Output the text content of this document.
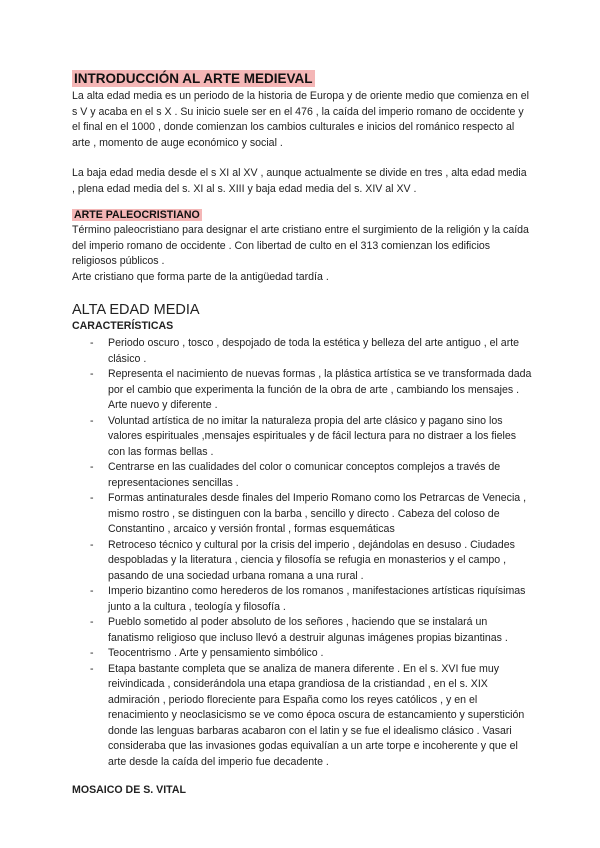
INTRODUCCIÓN AL ARTE MEDIEVAL

La alta edad media es un periodo de la historia de Europa y de oriente medio que comienza en el s V y acaba en el s X . Su inicio suele ser en el 476 , la caída del imperio romano de occidente y el final en el 1000 , donde comienzan los cambios culturales e inicios del románico respecto al arte , momento de auge económico y social .

La baja edad media desde el s XI al XV , aunque actualmente se divide en tres , alta edad media , plena edad media del s. XI al s. XIII y baja edad media del s. XIV al XV .

ARTE PALEOCRISTIANO

Término paleocristiano para designar el arte cristiano entre el surgimiento de la religión y la caída del imperio romano de occidente . Con libertad de culto en el 313 comienzan los edificios religiosos públicos .

Arte cristiano que forma parte de la antigüedad tardía .

ALTA EDAD MEDIA
CARACTERÍSTICAS
- Periodo oscuro , tosco , despojado de toda la estética y belleza del arte antiguo , el arte clásico .
- Representa el nacimiento de nuevas formas , la plástica artística se ve transformada dada por el cambio que experimenta la función de la obra de arte , cambiando los mensajes . Arte nuevo y diferente .
- Voluntad artística de no imitar la naturaleza propia del arte clásico y pagano sino los valores espirituales ,mensajes espirituales y de fácil lectura para no distraer a los fieles con las formas bellas .
- Centrarse en las cualidades del color o comunicar conceptos complejos a través de representaciones sencillas .
- Formas antinaturales desde finales del Imperio Romano como los Petrarcas de Venecia , mismo rostro , se distinguen con la barba , sencillo y directo . Cabeza del coloso de Constantino , arcaico y versión frontal , formas esquemáticas
- Retroceso técnico y cultural por la crisis del imperio , dejándolas en desuso . Ciudades despobladas y la literatura , ciencia y filosofía se refugia en monasterios y el campo , pasando de una sociedad urbana romana a una rural .
- Imperio bizantino como herederos de los romanos , manifestaciones artísticas riquísimas junto a la cultura , teología y filosofía .
- Pueblo sometido al poder absoluto de los señores , haciendo que se instalará un fanatismo religioso que incluso llevó a destruir algunas imágenes propias bizantinas .
- Teocentrismo . Arte y pensamiento simbólico .
- Etapa bastante completa que se analiza de manera diferente . En el s. XVI fue muy reivindicada , considerándola una etapa grandiosa de la cristiandad , en el s. XIX admiración , periodo floreciente para España como los reyes católicos , y en el renacimiento y neoclasicismo se ve como época oscura de estancamiento y superstición donde las lenguas barbaras acabaron con el latin y se fue el idealismo clásico . Vasari consideraba que las invasiones godas equivalían a un arte torpe e incoherente y que el arte desde la caída del imperio fue decadente .
MOSAICO DE S. VITAL
